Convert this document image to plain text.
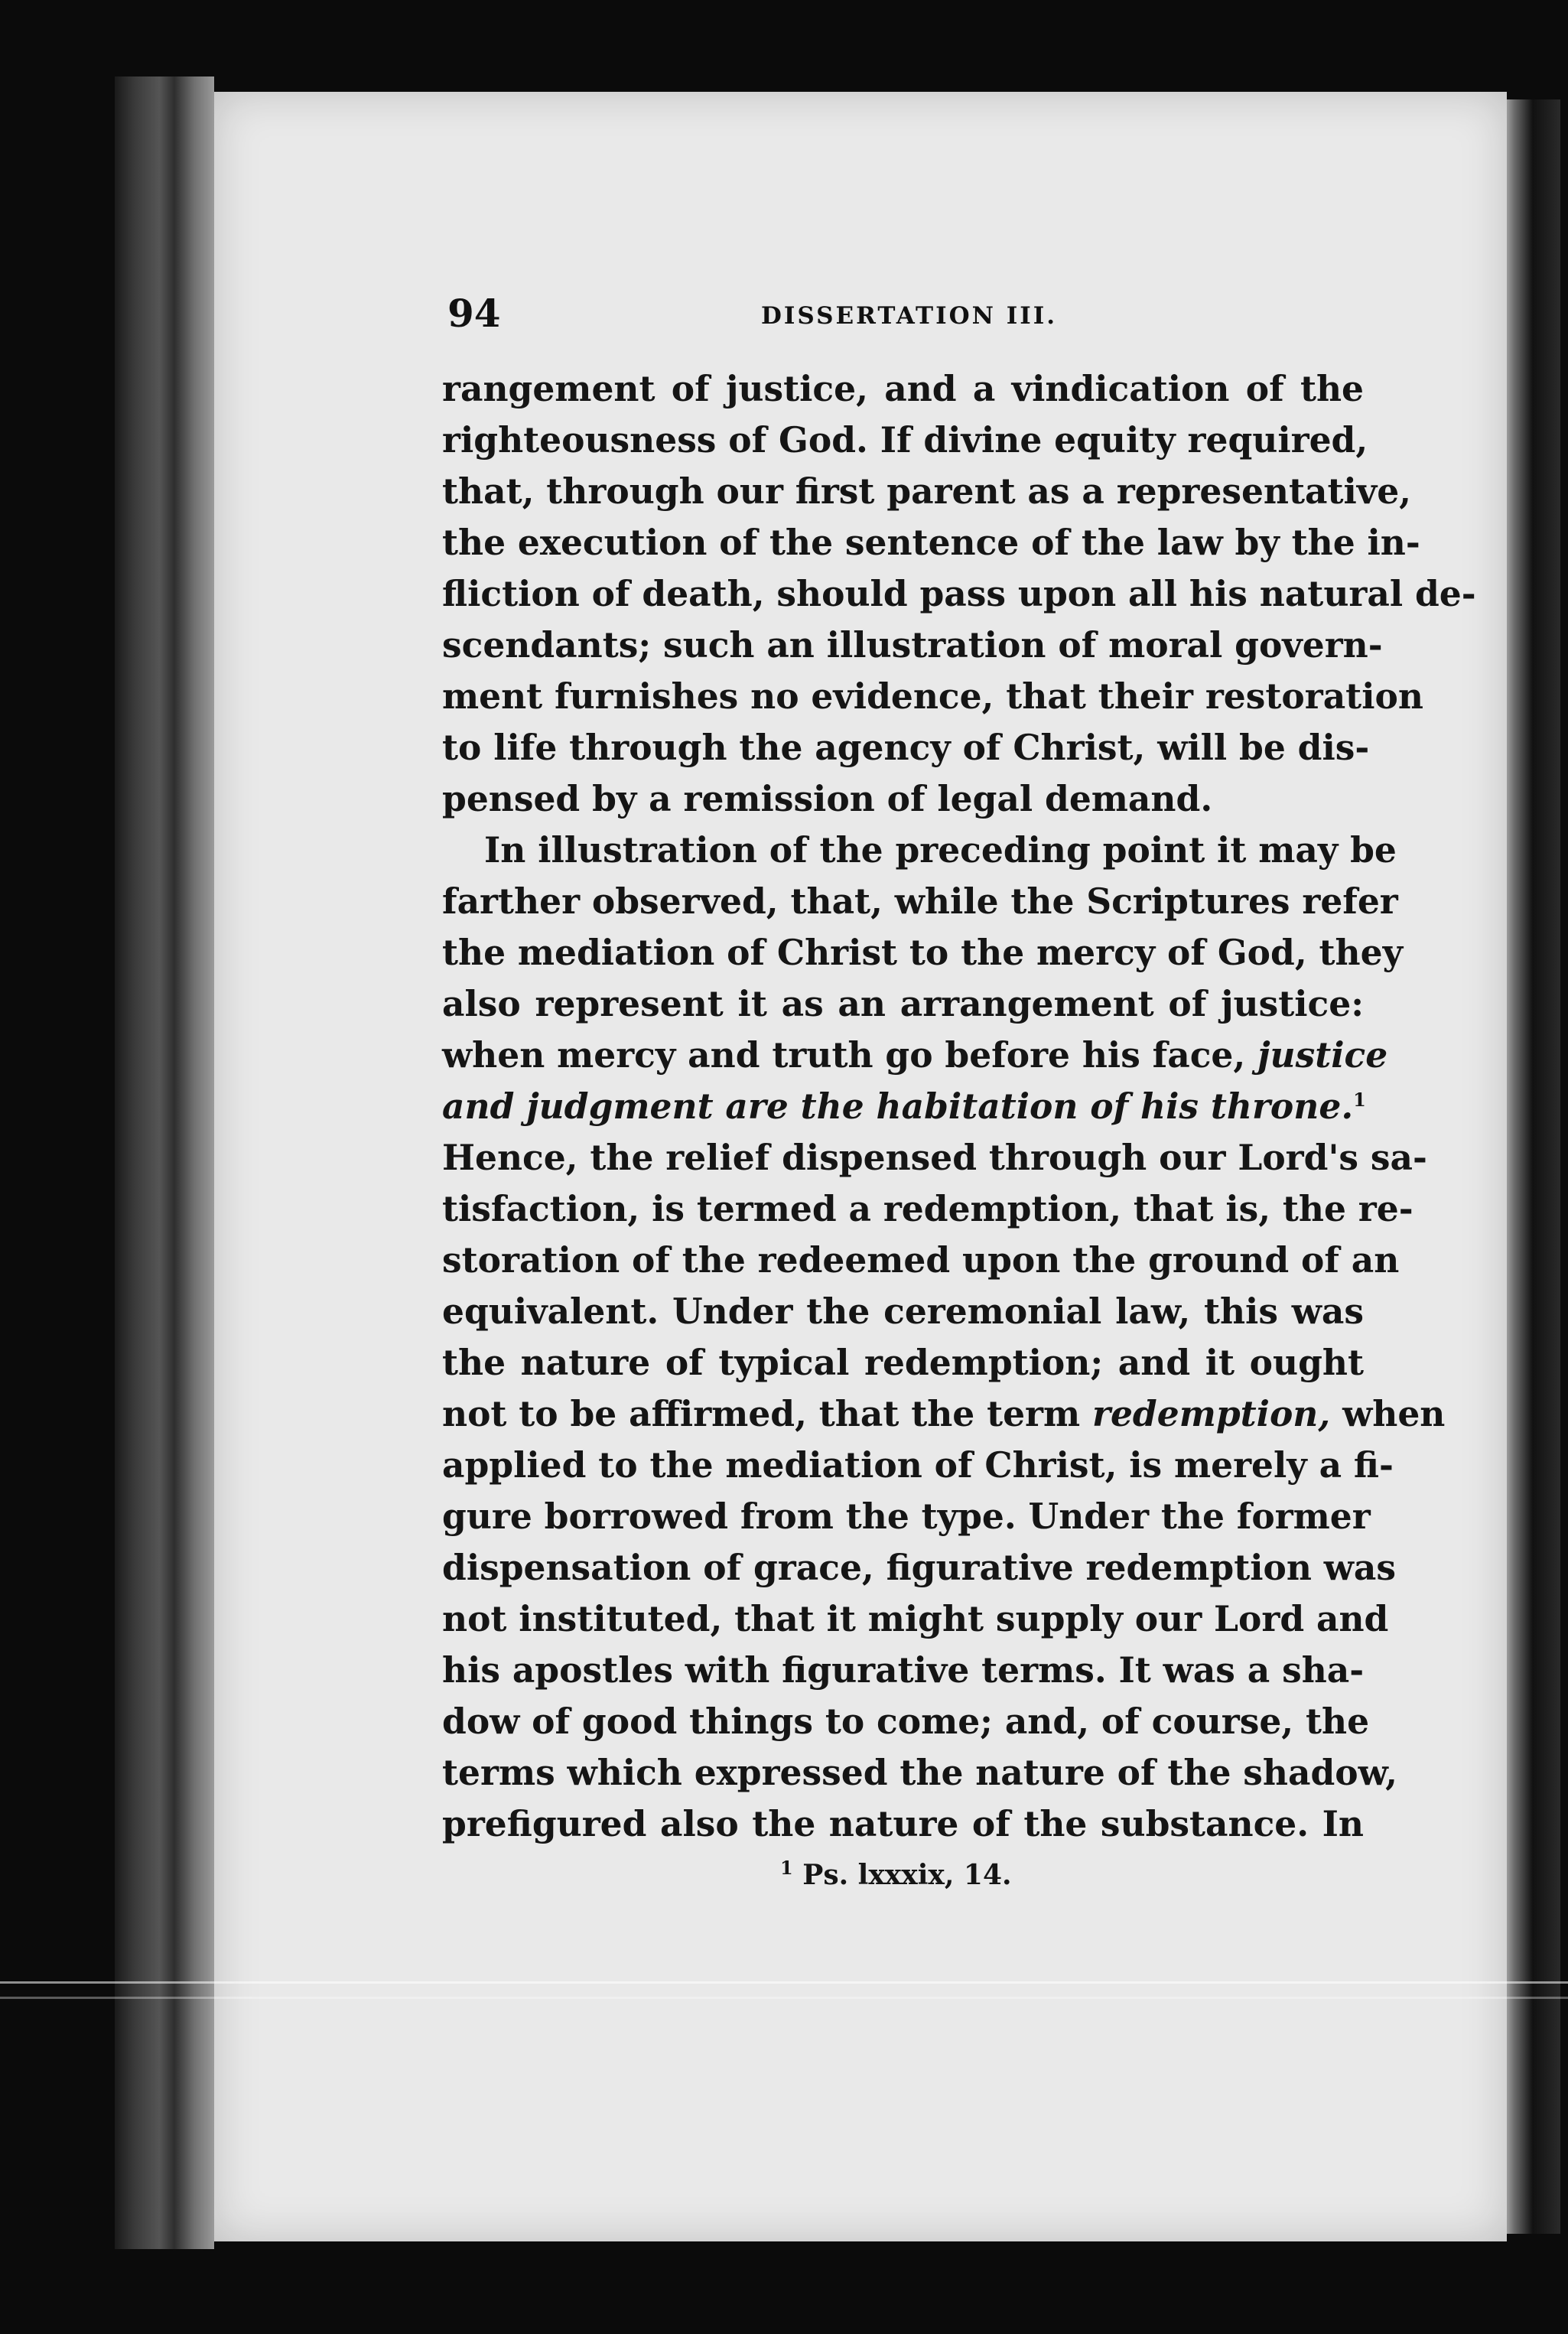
94	DISSERTATION III.
rangement of justice, and a vindication of the
righteousness of God. If divine equity required,
that, through our first parent as a representative,
the execution of the sentence of the law by the in-
fliction of death, should pass upon all his natural de-
scendants; such an illustration of moral govern-
ment furnishes no evidence, that their restoration
to life through the agency of Christ, will be dis-
pensed by a remission of legal demand.
In illustration of the preceding point it may be
farther observed, that, while the Scriptures refer
the mediation of Christ to the mercy of God, they
also represent it as an arrangement of justice:
when mercy and truth go before his face, justice
and judgment are the habitation of his throne.$^1$
Hence, the relief dispensed through our Lord's sa-
tisfaction, is termed a redemption, that is, the re-
storation of the redeemed upon the ground of an
equivalent. Under the ceremonial law, this was
the nature of typical redemption; and it ought
not to be affirmed, that the term redemption, when
applied to the mediation of Christ, is merely a fi-
gure borrowed from the type. Under the former
dispensation of grace, figurative redemption was
not instituted, that it might supply our Lord and
his apostles with figurative terms. It was a sha-
dow of good things to come; and, of course, the
terms which expressed the nature of the shadow,
prefigured also the nature of the substance. In
$^1$ Ps. lxxxix, 14.
